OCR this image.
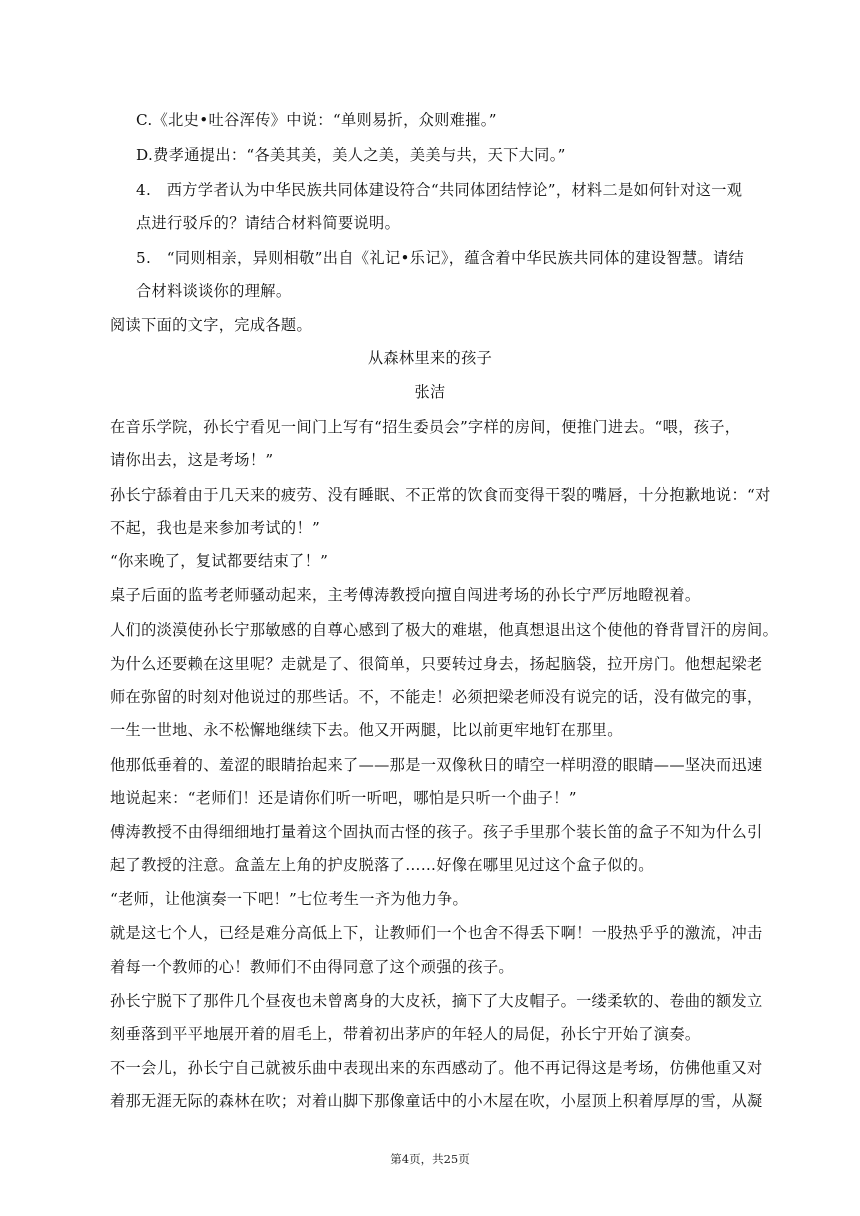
C.《北史•吐谷浑传》中说：“单则易折，众则难摧。”
D.费孝通提出：“各美其美，美人之美，美美与共，天下大同。”
4.　西方学者认为中华民族共同体建设符合“共同体团结悖论”，材料二是如何针对这一观
点进行驳斥的？请结合材料简要说明。
5.　“同则相亲，异则相敬”出自《礼记•乐记》，蕴含着中华民族共同体的建设智慧。请结
合材料谈谈你的理解。
阅读下面的文字，完成各题。
从森林里来的孩子
张洁
在音乐学院，孙长宁看见一间门上写有“招生委员会”字样的房间，便推门进去。“喂，孩子，
请你出去，这是考场！”
孙长宁舔着由于几天来的疲劳、没有睡眠、不正常的饮食而变得干裂的嘴唇，十分抱歉地说：“对
不起，我也是来参加考试的！”
“你来晚了，复试都要结束了！”
桌子后面的监考老师骚动起来，主考傅涛教授向擅自闯进考场的孙长宁严厉地瞪视着。
人们的淡漠使孙长宁那敏感的自尊心感到了极大的难堪，他真想退出这个使他的脊背冒汗的房间。
为什么还要赖在这里呢？走就是了、很简单，只要转过身去，扬起脑袋，拉开房门。他想起梁老
师在弥留的时刻对他说过的那些话。不，不能走！必须把梁老师没有说完的话，没有做完的事，
一生一世地、永不松懈地继续下去。他又开两腿，比以前更牢地钉在那里。
他那低垂着的、羞涩的眼睛抬起来了——那是一双像秋日的晴空一样明澄的眼睛——坚决而迅速
地说起来：“老师们！还是请你们听一听吧，哪怕是只听一个曲子！”
傅涛教授不由得细细地打量着这个固执而古怪的孩子。孩子手里那个装长笛的盒子不知为什么引
起了教授的注意。盒盖左上角的护皮脱落了……好像在哪里见过这个盒子似的。
“老师，让他演奏一下吧！”七位考生一齐为他力争。
就是这七个人，已经是难分高低上下，让教师们一个也舍不得丢下啊！一股热乎乎的激流，冲击
着每一个教师的心！教师们不由得同意了这个顽强的孩子。
孙长宁脱下了那件几个昼夜也未曾离身的大皮袄，摘下了大皮帽子。一缕柔软的、卷曲的额发立
刻垂落到平平地展开着的眉毛上，带着初出茅庐的年轻人的局促，孙长宁开始了演奏。
不一会儿，孙长宁自己就被乐曲中表现出来的东西感动了。他不再记得这是考场，仿佛他重又对
着那无涯无际的森林在吹；对着山脚下那像童话中的小木屋在吹，小屋顶上积着厚厚的雪，从凝
第4页，共25页
